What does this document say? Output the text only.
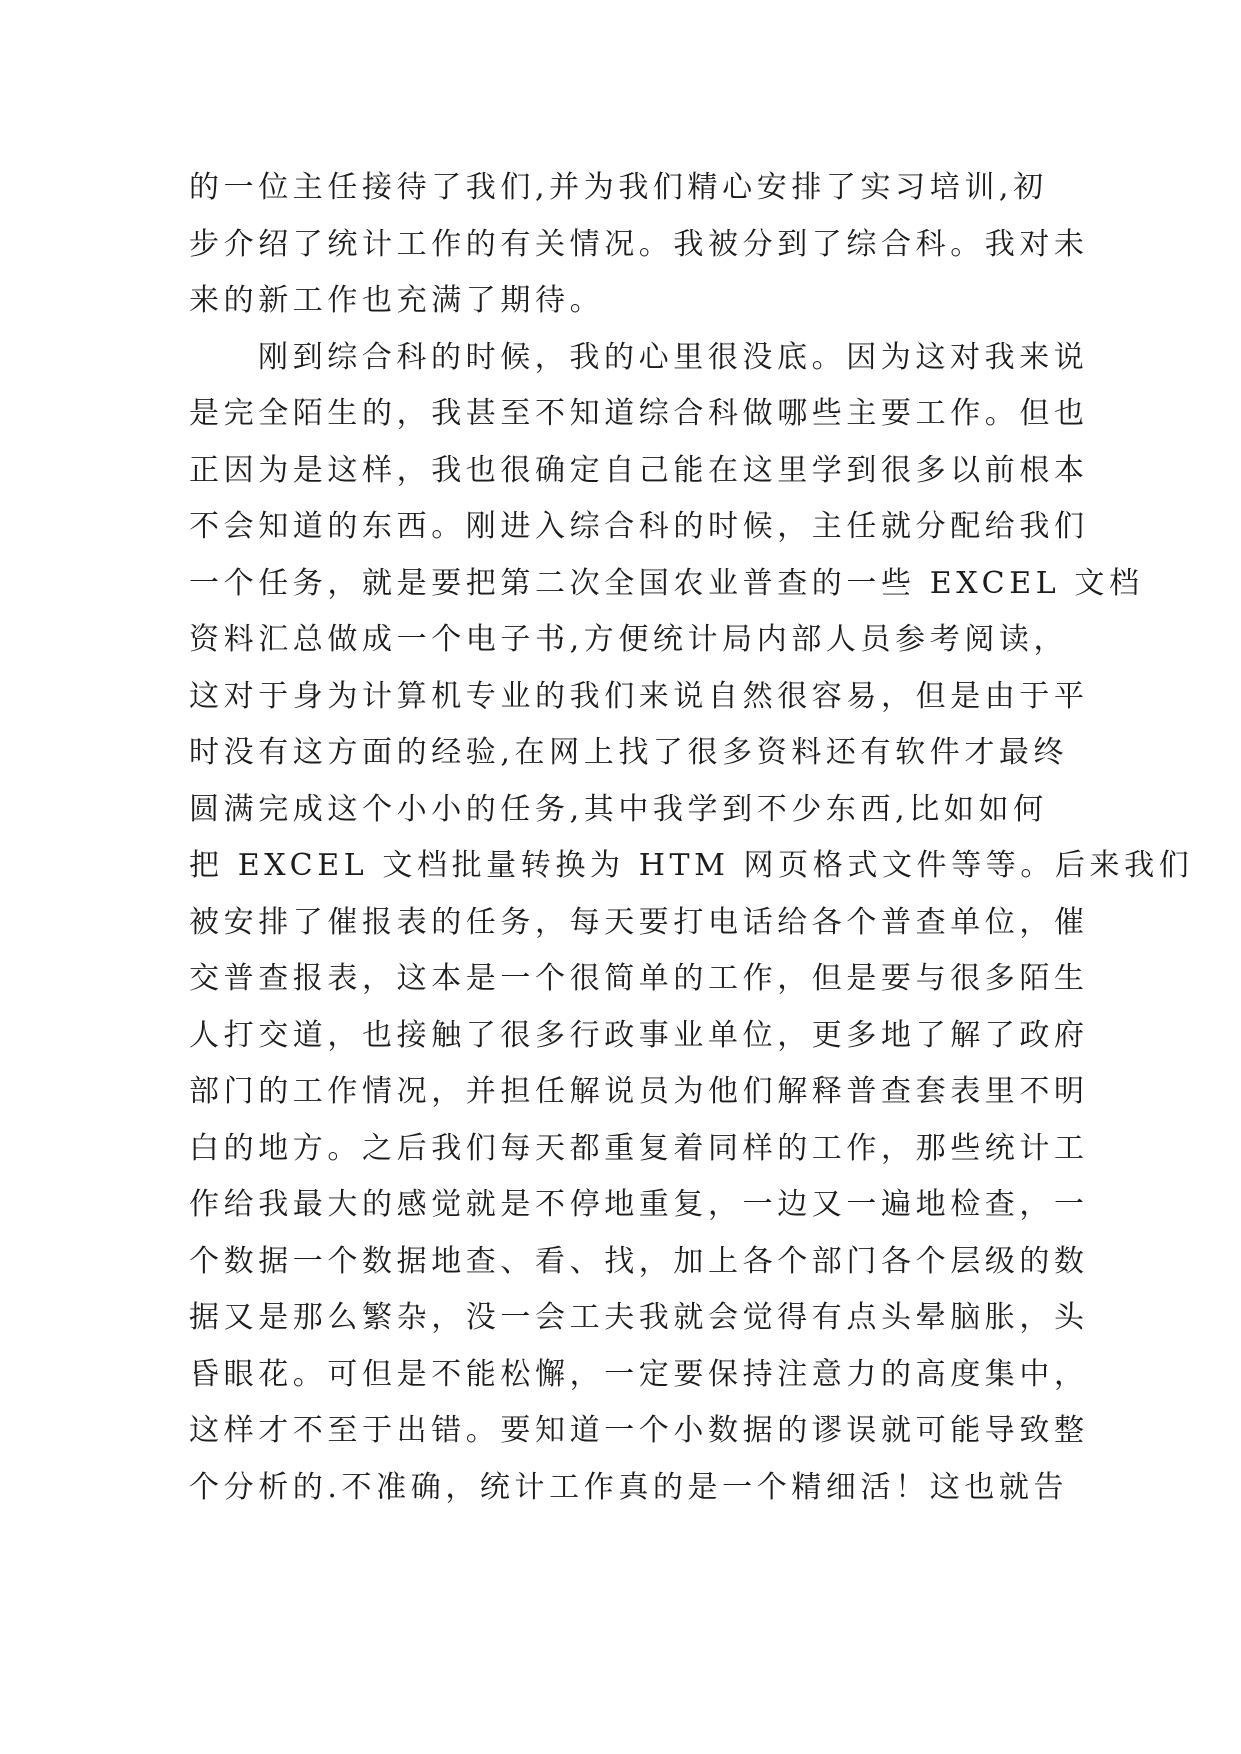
的一位主任接待了我们,并为我们精心安排了实习培训,初
步介绍了统计工作的有关情况。我被分到了综合科。我对未
来的新工作也充满了期待。
刚到综合科的时候，我的心里很没底。因为这对我来说
是完全陌生的，我甚至不知道综合科做哪些主要工作。但也
正因为是这样，我也很确定自己能在这里学到很多以前根本
不会知道的东西。刚进入综合科的时候，主任就分配给我们
一个任务，就是要把第二次全国农业普查的一些 EXCEL 文档
资料汇总做成一个电子书,方便统计局内部人员参考阅读，
这对于身为计算机专业的我们来说自然很容易，但是由于平
时没有这方面的经验,在网上找了很多资料还有软件才最终
圆满完成这个小小的任务,其中我学到不少东西,比如如何
把 EXCEL 文档批量转换为 HTM 网页格式文件等等。后来我们
被安排了催报表的任务，每天要打电话给各个普查单位，催
交普查报表，这本是一个很简单的工作，但是要与很多陌生
人打交道，也接触了很多行政事业单位，更多地了解了政府
部门的工作情况，并担任解说员为他们解释普查套表里不明
白的地方。之后我们每天都重复着同样的工作，那些统计工
作给我最大的感觉就是不停地重复，一边又一遍地检查，一
个数据一个数据地查、看、找，加上各个部门各个层级的数
据又是那么繁杂，没一会工夫我就会觉得有点头晕脑胀，头
昏眼花。可但是不能松懈，一定要保持注意力的高度集中，
这样才不至于出错。要知道一个小数据的谬误就可能导致整
个分析的.不准确，统计工作真的是一个精细活！这也就告
